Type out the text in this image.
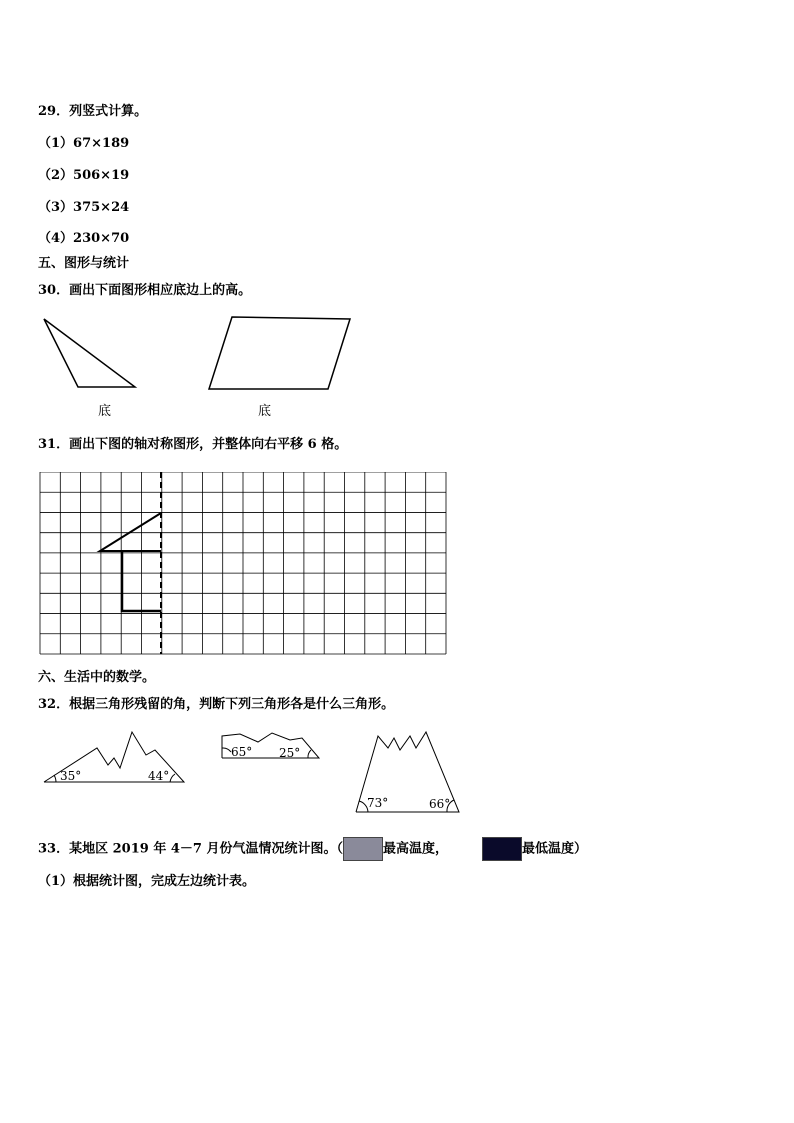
29．列竖式计算。
（1）67×189
（2）506×19
（3）375×24
（4）230×70
五、图形与统计
30．画出下面图形相应底边上的高。
底	底
31．画出下图的轴对称图形，并整体向右平移 6 格。
六、生活中的数学。
32．根据三角形残留的角，判断下列三角形各是什么三角形。
35°	44°
65° 25°
73°	66°
33．某地区 2019 年 4－7 月份气温情况统计图。（	最高温度，	最低温度）
（1）根据统计图，完成左边统计表。
